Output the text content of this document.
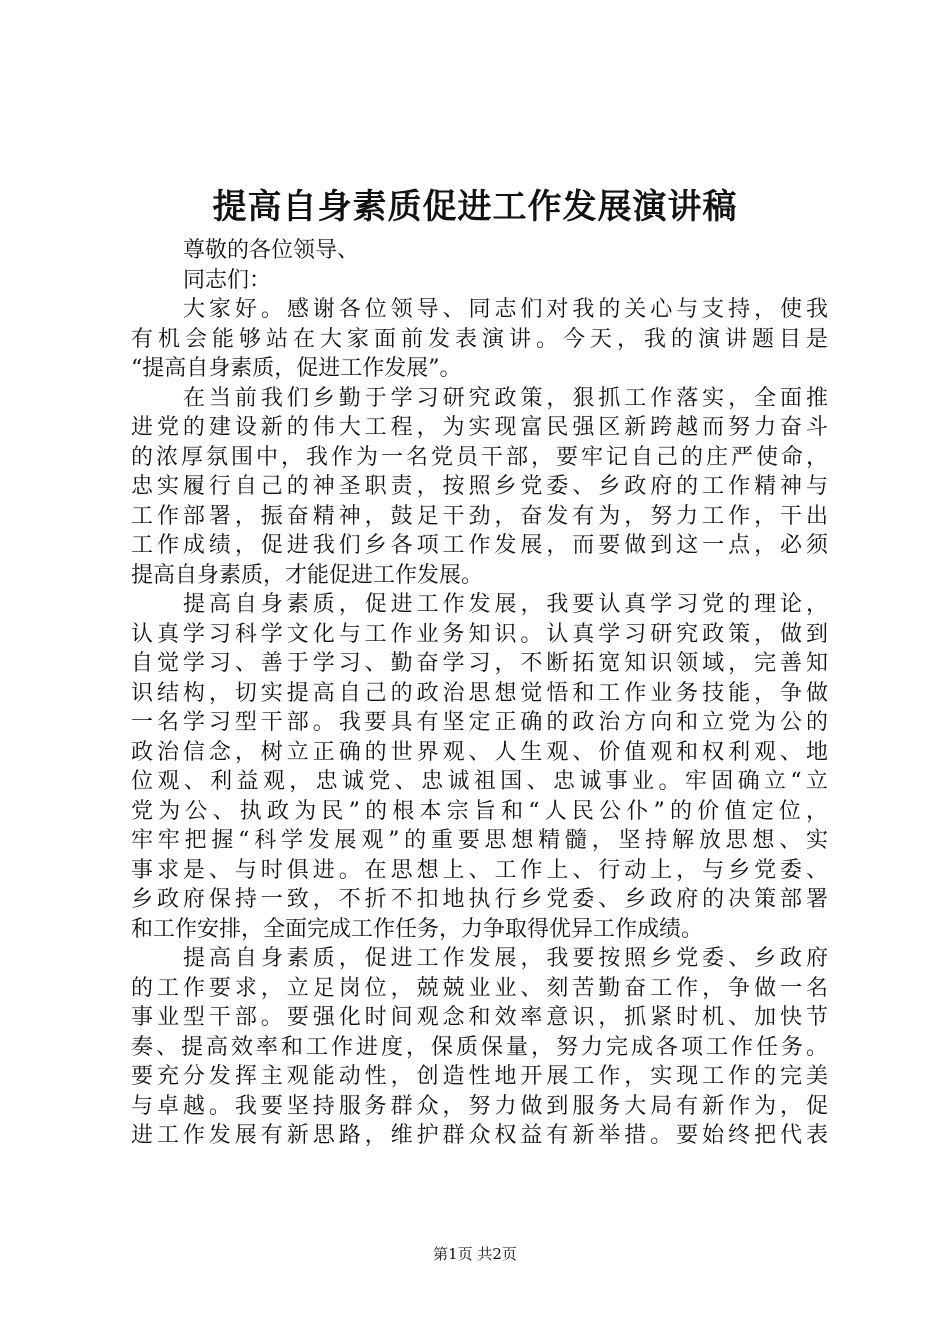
提高自身素质促进工作发展演讲稿
尊敬的各位领导、
同志们：
大家好。感谢各位领导、同志们对我的关心与支持，使我
有机会能够站在大家面前发表演讲。今天，我的演讲题目是
“提高自身素质，促进工作发展”。
在当前我们乡勤于学习研究政策，狠抓工作落实，全面推
进党的建设新的伟大工程，为实现富民强区新跨越而努力奋斗
的浓厚氛围中，我作为一名党员干部，要牢记自己的庄严使命，
忠实履行自己的神圣职责，按照乡党委、乡政府的工作精神与
工作部署，振奋精神，鼓足干劲，奋发有为，努力工作，干出
工作成绩，促进我们乡各项工作发展，而要做到这一点，必须
提高自身素质，才能促进工作发展。
提高自身素质，促进工作发展，我要认真学习党的理论，
认真学习科学文化与工作业务知识。认真学习研究政策，做到
自觉学习、善于学习、勤奋学习，不断拓宽知识领域，完善知
识结构，切实提高自己的政治思想觉悟和工作业务技能，争做
一名学习型干部。我要具有坚定正确的政治方向和立党为公的
政治信念，树立正确的世界观、人生观、价值观和权利观、地
位观、利益观，忠诚党、忠诚祖国、忠诚事业。牢固确立“立
党为公、执政为民”的根本宗旨和“人民公仆”的价值定位，
牢牢把握“科学发展观”的重要思想精髓，坚持解放思想、实
事求是、与时俱进。在思想上、工作上、行动上，与乡党委、
乡政府保持一致，不折不扣地执行乡党委、乡政府的决策部署
和工作安排，全面完成工作任务，力争取得优异工作成绩。
提高自身素质，促进工作发展，我要按照乡党委、乡政府
的工作要求，立足岗位，兢兢业业、刻苦勤奋工作，争做一名
事业型干部。要强化时间观念和效率意识，抓紧时机、加快节
奏、提高效率和工作进度，保质保量，努力完成各项工作任务。
要充分发挥主观能动性，创造性地开展工作，实现工作的完美
与卓越。我要坚持服务群众，努力做到服务大局有新作为，促
进工作发展有新思路，维护群众权益有新举措。要始终把代表
第1页 共2页
